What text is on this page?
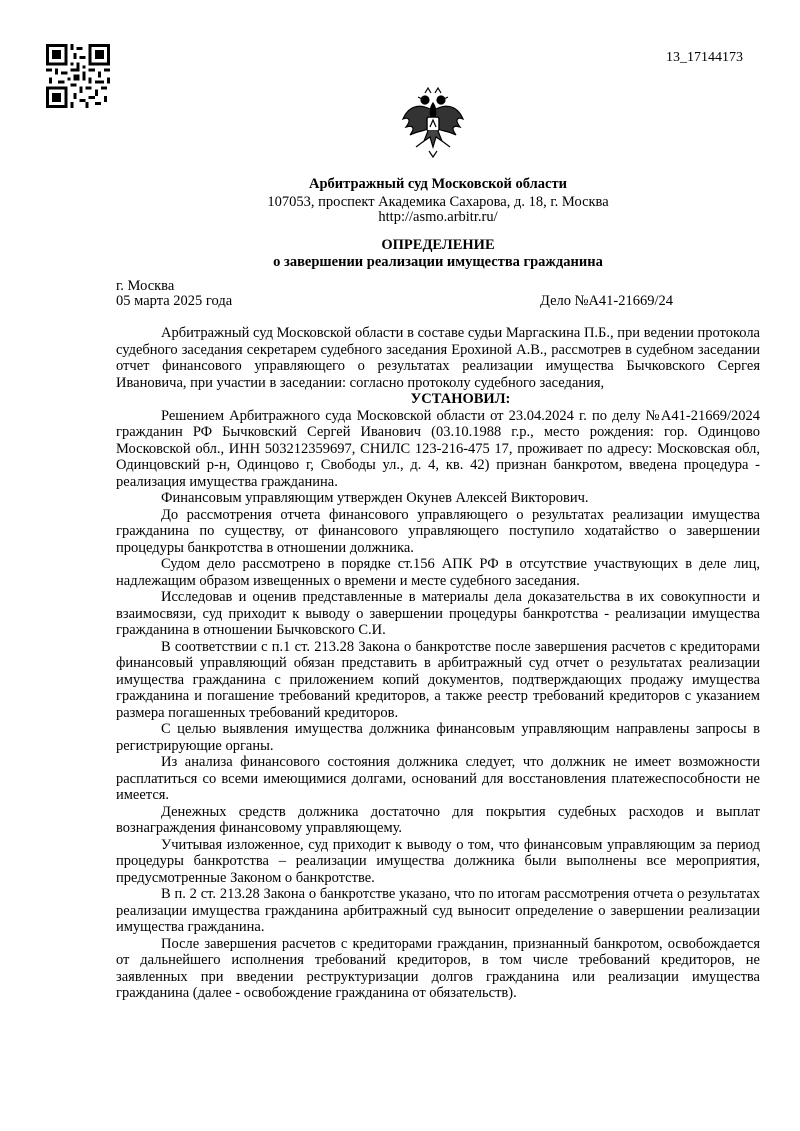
13_17144173
Арбитражный суд Московской области
107053, проспект Академика Сахарова, д. 18, г. Москва
http://asmo.arbitr.ru/
ОПРЕДЕЛЕНИЕ
о завершении реализации имущества гражданина
г. Москва
05 марта 2025 года	Дело №А41-21669/24

Арбитражный суд Московской области в составе судьи Маргаскина П.Б., при ведении протокола судебного заседания секретарем судебного заседания Ерохиной А.В., рассмотрев в судебном заседании отчет финансового управляющего о результатах реализации имущества Бычковского Сергея Ивановича, при участии в заседании: согласно протоколу судебного заседания,

УСТАНОВИЛ:

Решением Арбитражного суда Московской области от 23.04.2024 г. по делу №А41-21669/2024 гражданин РФ Бычковский Сергей Иванович (03.10.1988 г.р., место рождения: гор. Одинцово Московской обл., ИНН 503212359697, СНИЛС 123-216-475 17, проживает по адресу: Московская обл, Одинцовский р-н, Одинцово г, Свободы ул., д. 4, кв. 42) признан банкротом, введена процедура - реализация имущества гражданина.

Финансовым управляющим утвержден Окунев Алексей Викторович.

До рассмотрения отчета финансового управляющего о результатах реализации имущества гражданина по существу, от финансового управляющего поступило ходатайство о завершении процедуры банкротства в отношении должника.

Судом дело рассмотрено в порядке ст.156 АПК РФ в отсутствие участвующих в деле лиц, надлежащим образом извещенных о времени и месте судебного заседания.

Исследовав и оценив представленные в материалы дела доказательства в их совокупности и взаимосвязи, суд приходит к выводу о завершении процедуры банкротства - реализации имущества гражданина в отношении Бычковского С.И.

В соответствии с п.1 ст. 213.28 Закона о банкротстве после завершения расчетов с кредиторами финансовый управляющий обязан представить в арбитражный суд отчет о результатах реализации имущества гражданина с приложением копий документов, подтверждающих продажу имущества гражданина и погашение требований кредиторов, а также реестр требований кредиторов с указанием размера погашенных требований кредиторов.

С целью выявления имущества должника финансовым управляющим направлены запросы в регистрирующие органы.

Из анализа финансового состояния должника следует, что должник не имеет возможности расплатиться со всеми имеющимися долгами, оснований для восстановления платежеспособности не имеется.

Денежных средств должника достаточно для покрытия судебных расходов и выплат вознаграждения финансовому управляющему.

Учитывая изложенное, суд приходит к выводу о том, что финансовым управляющим за период процедуры банкротства – реализации имущества должника были выполнены все мероприятия, предусмотренные Законом о банкротстве.

В п. 2 ст. 213.28 Закона о банкротстве указано, что по итогам рассмотрения отчета о результатах реализации имущества гражданина арбитражный суд выносит определение о завершении реализации имущества гражданина.

После завершения расчетов с кредиторами гражданин, признанный банкротом, освобождается от дальнейшего исполнения требований кредиторов, в том числе требований кредиторов, не заявленных при введении реструктуризации долгов гражданина или реализации имущества гражданина (далее - освобождение гражданина от обязательств).
